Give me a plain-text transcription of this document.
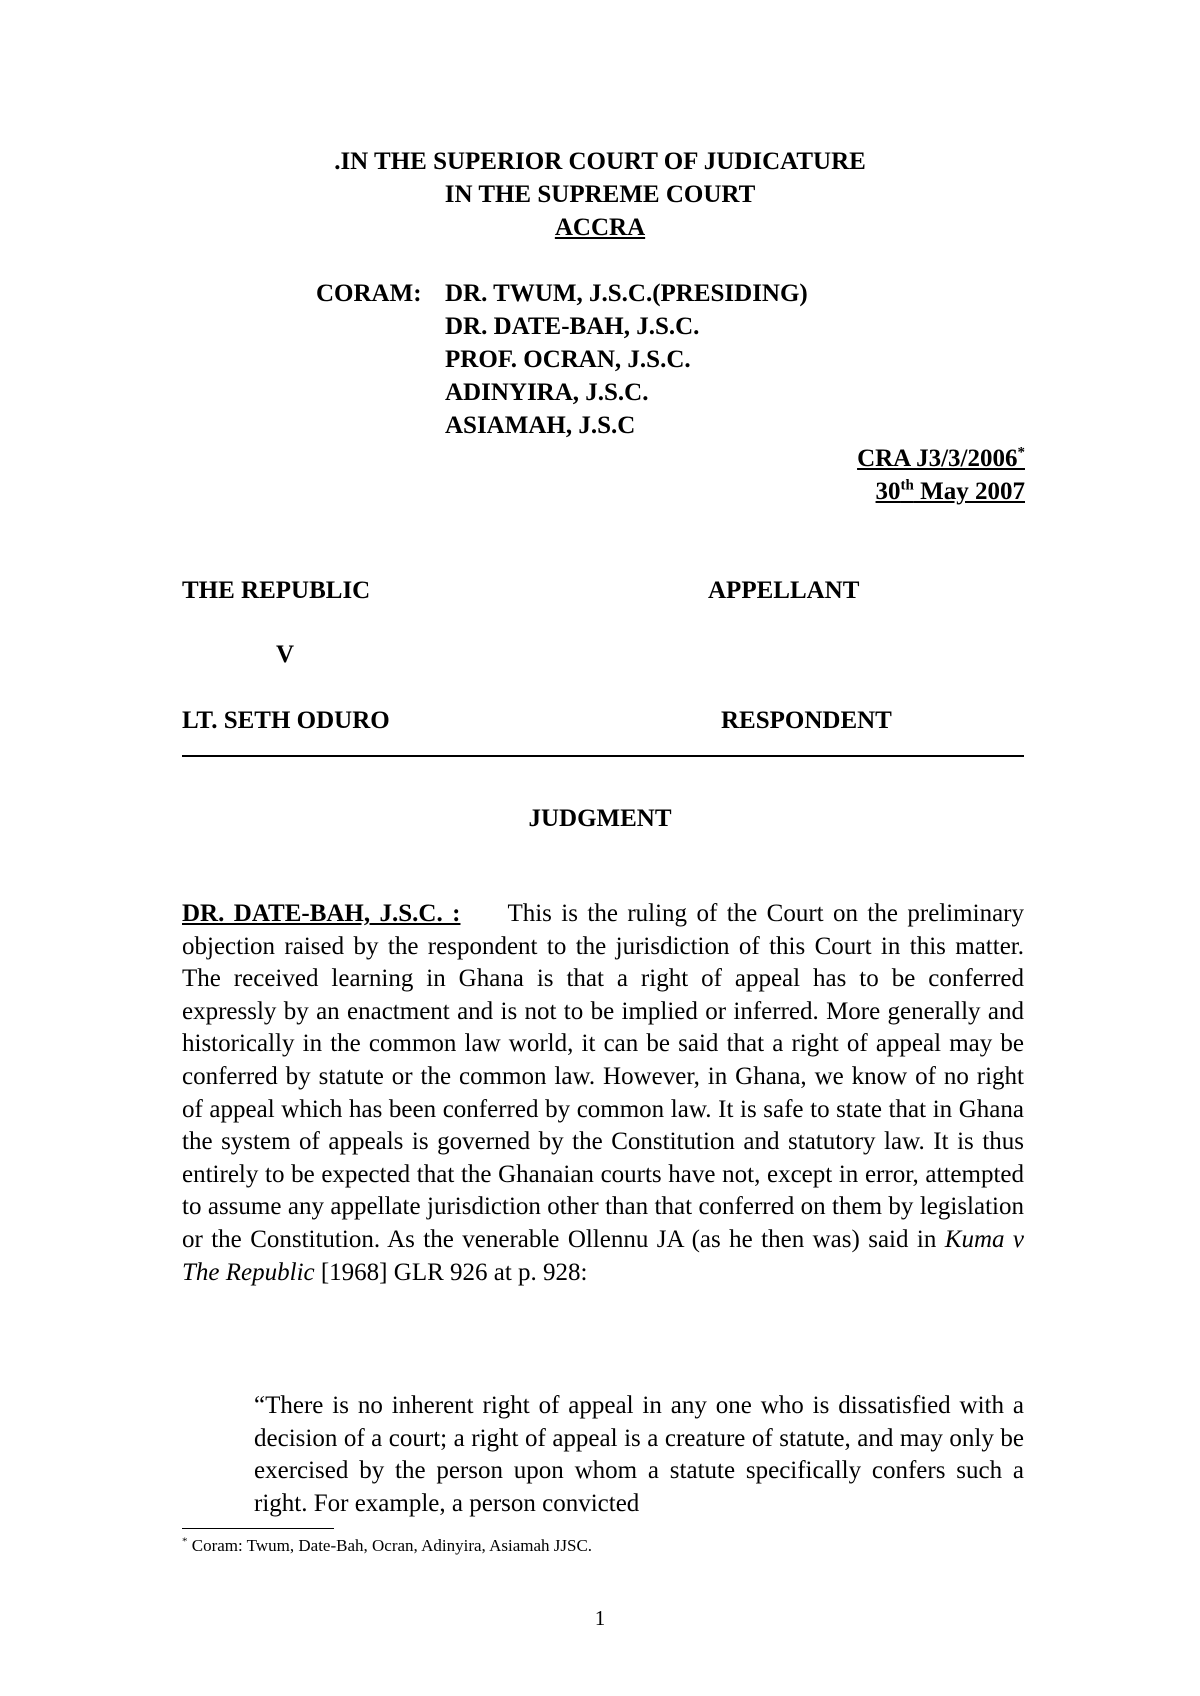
.IN THE SUPERIOR COURT OF JUDICATURE
IN THE SUPREME COURT
ACCRA
CORAM: DR. TWUM, J.S.C.(PRESIDING)
DR. DATE-BAH, J.S.C.
PROF. OCRAN, J.S.C.
ADINYIRA, J.S.C.
ASIAMAH, J.S.C
CRA J3/3/2006*
30th May 2007
THE REPUBLIC	APPELLANT
V
LT. SETH ODURO	RESPONDENT
JUDGMENT
DR. DATE-BAH, J.S.C. : This is the ruling of the Court on the preliminary objection raised by the respondent to the jurisdiction of this Court in this matter. The received learning in Ghana is that a right of appeal has to be conferred expressly by an enactment and is not to be implied or inferred. More generally and historically in the common law world, it can be said that a right of appeal may be conferred by statute or the common law. However, in Ghana, we know of no right of appeal which has been conferred by common law. It is safe to state that in Ghana the system of appeals is governed by the Constitution and statutory law. It is thus entirely to be expected that the Ghanaian courts have not, except in error, attempted to assume any appellate jurisdiction other than that conferred on them by legislation or the Constitution. As the venerable Ollennu JA (as he then was) said in Kuma v The Republic [1968] GLR 926 at p. 928:
“There is no inherent right of appeal in any one who is dissatisfied with a decision of a court; a right of appeal is a creature of statute, and may only be exercised by the person upon whom a statute specifically confers such a right. For example, a person convicted
* Coram: Twum, Date-Bah, Ocran, Adinyira, Asiamah JJSC.
1
